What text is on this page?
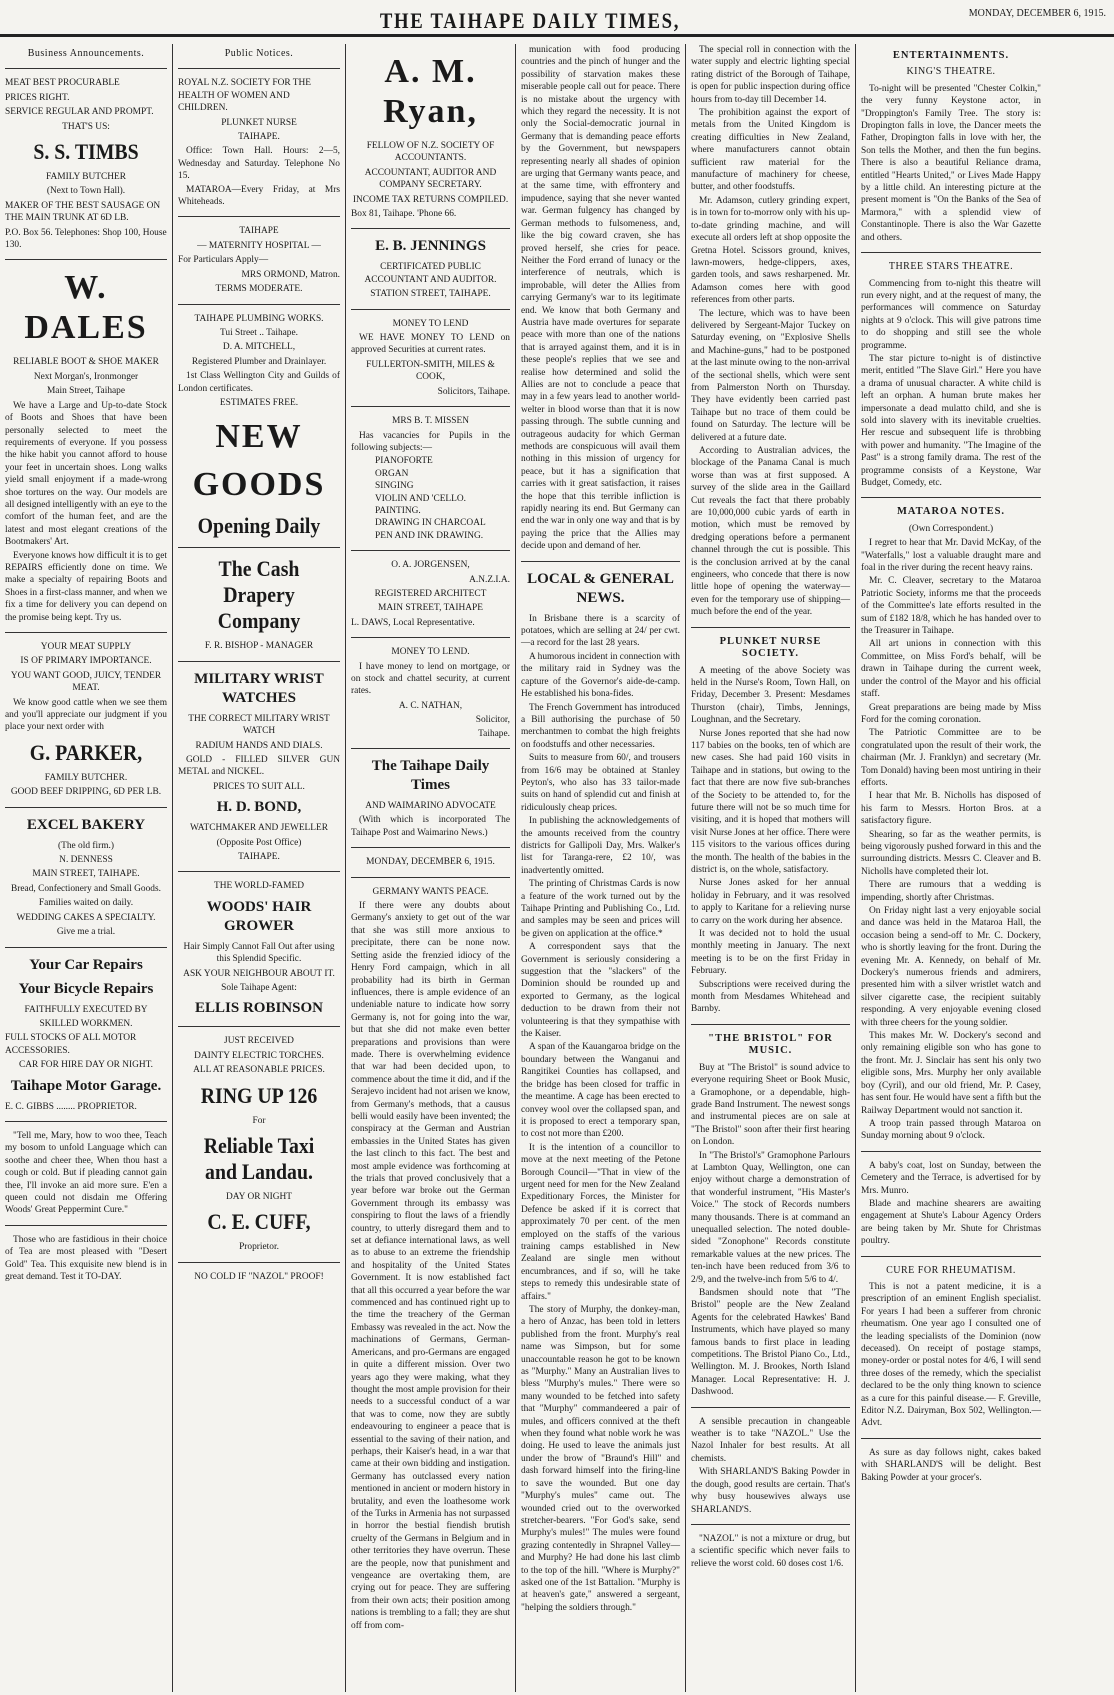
THE TAIHAPE DAILY TIMES,	MONDAY, DECEMBER 6, 1915.
Business Announcements.
MEAT BEST PROCURABLE
PRICES RIGHT.
SERVICE REGULAR AND PROMPT.
THAT'S US:
S. S. TIMBS
FAMILY BUTCHER
(Next to Town Hall).
MAKER OF THE BEST SAUSAGE ON THE MAIN TRUNK AT 6D LB.
P.O. Box 56. Telephones: Shop 100, House 130.
W. DALES
RELIABLE BOOT & SHOE MAKER
Next Morgan's, Ironmonger
Main Street, Taihape
We have a Large and Up-to-date Stock of Boots and Shoes that have been personally selected to meet the requirements of everyone. If you possess the hike habit you cannot afford to house your feet in uncertain shoes. Long walks yield small enjoyment if a made-wrong shoe tortures on the way. Our models are all designed intelligently with an eye to the comfort of the human feet, and are the latest and most elegant creations of the Bootmakers' Art.
Everyone knows how difficult it is to get REPAIRS efficiently done on time. We make a specialty of repairing Boots and Shoes in a first-class manner, and when we fix a time for delivery you can depend on the promise being kept. Try us.
YOUR MEAT SUPPLY
IS OF PRIMARY IMPORTANCE.
YOU WANT GOOD, JUICY, TENDER MEAT.
We know good cattle when we see them and you'll appreciate our judgment if you place your next order with
G. PARKER,
FAMILY BUTCHER.
GOOD BEEF DRIPPING, 6D PER LB.
EXCEL BAKERY
(The old firm.)
N. DENNESS
MAIN STREET, TAIHAPE.
Bread, Confectionery and Small Goods.
Families waited on daily.
WEDDING CAKES A SPECIALTY.
Give me a trial.
Your Car Repairs
Your Bicycle Repairs
FAITHFULLY EXECUTED BY
SKILLED WORKMEN.
FULL STOCKS OF ALL MOTOR ACCESSORIES.
CAR FOR HIRE DAY OR NIGHT.
Taihape Motor Garage.
E. C. GIBBS ........ PROPRIETOR.
"Tell me, Mary, how to woo thee, Teach my bosom to unfold Language which can soothe and cheer thee, When thou hast a cough or cold. But if pleading cannot gain thee, I'll invoke an aid more sure. E'en a queen could not disdain me Offering Woods' Great Peppermint Cure."
Those who are fastidious in their choice of Tea are most pleased with "Desert Gold" Tea. This exquisite new blend is in great demand. Test it TO-DAY.
Public Notices.
ROYAL N.Z. SOCIETY FOR THE HEALTH OF WOMEN AND CHILDREN.
PLUNKET NURSE
TAIHAPE.
Office: Town Hall. Hours: 2—5, Wednesday and Saturday. Telephone No 15.
MATAROA—Every Friday, at Mrs Whiteheads.
TAIHAPE
— MATERNITY HOSPITAL —
For Particulars Apply—
MRS ORMOND, Matron.
TERMS MODERATE.
TAIHAPE PLUMBING WORKS.
Tui Street .. Taihape.
D. A. MITCHELL,
Registered Plumber and Drainlayer.
1st Class Wellington City and Guilds of London certificates.
ESTIMATES FREE.
NEW
GOODS
Opening Daily
The Cash Drapery Company
F. R. BISHOP - MANAGER
MILITARY WRIST WATCHES
THE CORRECT MILITARY WRIST WATCH
RADIUM HANDS AND DIALS.
GOLD - FILLED SILVER GUN METAL and NICKEL.
PRICES TO SUIT ALL.
H. D. BOND,
WATCHMAKER AND JEWELLER
(Opposite Post Office)
TAIHAPE.
THE WORLD-FAMED
WOODS' HAIR GROWER
Hair Simply Cannot Fall Out after using this Splendid Specific.
ASK YOUR NEIGHBOUR ABOUT IT.
Sole Taihape Agent:
ELLIS ROBINSON
JUST RECEIVED
DAINTY ELECTRIC TORCHES.
ALL AT REASONABLE PRICES.
RING UP 126
For
Reliable Taxi and Landau.
DAY OR NIGHT
C. E. CUFF,
Proprietor.
NO COLD IF "NAZOL" PROOF!
A. M. Ryan,
FELLOW OF N.Z. SOCIETY OF ACCOUNTANTS.
ACCOUNTANT, AUDITOR AND COMPANY SECRETARY.
INCOME TAX RETURNS COMPILED.
Box 81, Taihape. 'Phone 66.
E. B. JENNINGS
CERTIFICATED PUBLIC ACCOUNTANT AND AUDITOR.
STATION STREET, TAIHAPE.
MONEY TO LEND
WE HAVE MONEY TO LEND on approved Securities at current rates.
FULLERTON-SMITH, MILES & COOK,
Solicitors, Taihape.
MRS B. T. MISSEN
Has vacancies for Pupils in the following subjects:—
PIANOFORTE
ORGAN
SINGING
VIOLIN AND 'CELLO.
PAINTING.
DRAWING IN CHARCOAL
PEN AND INK DRAWING.
O. A. JORGENSEN,
A.N.Z.I.A.
REGISTERED ARCHITECT
MAIN STREET, TAIHAPE
L. DAWS, Local Representative.
MONEY TO LEND.
I have money to lend on mortgage, or on stock and chattel security, at current rates.
A. C. NATHAN,
Solicitor,
Taihape.
The Taihape Daily Times
AND WAIMARINO ADVOCATE
(With which is incorporated The Taihape Post and Waimarino News.)
MONDAY, DECEMBER 6, 1915.
GERMANY WANTS PEACE.
If there were any doubts about Germany's anxiety to get out of the war that she was still more anxious to precipitate, there can be none now. Setting aside the frenzied idiocy of the Henry Ford campaign, which in all probability had its birth in German influences, there is ample evidence of an undeniable nature to indicate how sorry Germany is, not for going into the war, but that she did not make even better preparations and provisions than were made. There is overwhelming evidence that war had been decided upon, to commence about the time it did, and if the Serajevo incident had not arisen we know, from Germany's methods, that a causus belli would easily have been invented; the conspiracy at the German and Austrian embassies in the United States has given the last clinch to this fact. The best and most ample evidence was forthcoming at the trials that proved conclusively that a year before war broke out the German Government through its embassy was conspiring to flout the laws of a friendly country, to utterly disregard them and to set at defiance international laws, as well as to abuse to an extreme the friendship and hospitality of the United States Government. It is now established fact that all this occurred a year before the war commenced and has continued right up to the time the treachery of the German Embassy was revealed in the act. Now the machinations of Germans, German-Americans, and pro-Germans are engaged in quite a different mission. Over two years ago they were making, what they thought the most ample provision for their needs to a successful conduct of a war that was to come, now they are subtly endeavouring to engineer a peace that is essential to the saving of their nation, and perhaps, their Kaiser's head, in a war that came at their own bidding and instigation. Germany has outclassed every nation mentioned in ancient or modern history in brutality, and even the loathesome work of the Turks in Armenia has not surpassed in horror the bestial fiendish brutish cruelty of the Germans in Belgium and in other territories they have overrun. These are the people, now that punishment and vengeance are overtaking them, are crying out for peace. They are suffering from their own acts; their position among nations is trembling to a fall; they are shut off from com-
munication with food producing countries and the pinch of hunger and the possibility of starvation makes these miserable people call out for peace. There is no mistake about the urgency with which they regard the necessity. It is not only the Social-democratic journal in Germany that is demanding peace efforts by the Government, but newspapers representing nearly all shades of opinion are urging that Germany wants peace, and at the same time, with effrontery and impudence, saying that she never wanted war. German fulgency has changed by German methods to fulsomeness, and, like the big coward craven, she has proved herself, she cries for peace. Neither the Ford errand of lunacy or the interference of neutrals, which is improbable, will deter the Allies from carrying Germany's war to its legitimate end. We know that both Germany and Austria have made overtures for separate peace with more than one of the nations that is arrayed against them, and it is in these people's replies that we see and realise how determined and solid the Allies are not to conclude a peace that may in a few years lead to another world-welter in blood worse than that it is now passing through. The subtle cunning and outrageous audacity for which German methods are conspicuous will avail them nothing in this mission of urgency for peace, but it has a signification that carries with it great satisfaction, it raises the hope that this terrible infliction is rapidly nearing its end. But Germany can end the war in only one way and that is by paying the price that the Allies may decide upon and demand of her.
LOCAL & GENERAL NEWS.
In Brisbane there is a scarcity of potatoes, which are selling at 24/ per cwt.—a record for the last 28 years.
A humorous incident in connection with the military raid in Sydney was the capture of the Governor's aide-de-camp. He established his bona-fides.
The French Government has introduced a Bill authorising the purchase of 50 merchantmen to combat the high freights on foodstuffs and other necessaries.
Suits to measure from 60/, and trousers from 16/6 may be obtained at Stanley Peyton's, who also has 33 tailor-made suits on hand of splendid cut and finish at ridiculously cheap prices.
In publishing the acknowledgements of the amounts received from the country districts for Gallipoli Day, Mrs. Walker's list for Taranga-rere, £2 10/, was inadvertently omitted.
The printing of Christmas Cards is now a feature of the work turned out by the Taihape Printing and Publishing Co., Ltd. and samples may be seen and prices will be given on application at the office.*
A correspondent says that the Government is seriously considering a suggestion that the "slackers" of the Dominion should be rounded up and exported to Germany, as the logical deduction to be drawn from their not volunteering is that they sympathise with the Kaiser.
A span of the Kauangaroa bridge on the boundary between the Wanganui and Rangitikei Counties has collapsed, and the bridge has been closed for traffic in the meantime. A cage has been erected to convey wool over the collapsed span, and it is proposed to erect a temporary span, to cost not more than £200.
It is the intention of a councillor to move at the next meeting of the Petone Borough Council—"That in view of the urgent need for men for the New Zealand Expeditionary Forces, the Minister for Defence be asked if it is correct that approximately 70 per cent. of the men employed on the staffs of the various training camps established in New Zealand are single men without encumbrances, and if so, will he take steps to remedy this undesirable state of affairs."
The story of Murphy, the donkey-man, a hero of Anzac, has been told in letters published from the front. Murphy's real name was Simpson, but for some unaccountable reason he got to be known as "Murphy." Many an Australian lives to bless "Murphy's mules." There were so many wounded to be fetched into safety that "Murphy" commandeered a pair of mules, and officers connived at the theft when they found what noble work he was doing. He used to leave the animals just under the brow of "Braund's Hill" and dash forward himself into the firing-line to save the wounded. But one day "Murphy's mules" came out. The wounded cried out to the overworked stretcher-bearers. "For God's sake, send Murphy's mules!" The mules were found grazing contentedly in Shrapnel Valley—and Murphy? He had done his last climb to the top of the hill. "Where is Murphy?" asked one of the 1st Battalion. "Murphy is at heaven's gate," answered a sergeant, "helping the soldiers through."
The special roll in connection with the water supply and electric lighting special rating district of the Borough of Taihape, is open for public inspection during office hours from to-day till December 14.
The prohibition against the export of metals from the United Kingdom is creating difficulties in New Zealand, where manufacturers cannot obtain sufficient raw material for the manufacture of machinery for cheese, butter, and other foodstuffs.
Mr. Adamson, cutlery grinding expert, is in town for to-morrow only with his up-to-date grinding machine, and will execute all orders left at shop opposite the Gretna Hotel. Scissors ground, knives, lawn-mowers, hedge-clippers, axes, garden tools, and saws resharpened. Mr. Adamson comes here with good references from other parts.
The lecture, which was to have been delivered by Sergeant-Major Tuckey on Saturday evening, on "Explosive Shells and Machine-guns," had to be postponed at the last minute owing to the non-arrival of the sectional shells, which were sent from Palmerston North on Thursday. They have evidently been carried past Taihape but no trace of them could be found on Saturday. The lecture will be delivered at a future date.
According to Australian advices, the blockage of the Panama Canal is much worse than was at first supposed. A survey of the slide area in the Gaillard Cut reveals the fact that there probably are 10,000,000 cubic yards of earth in motion, which must be removed by dredging operations before a permanent channel through the cut is possible. This is the conclusion arrived at by the canal engineers, who concede that there is now little hope of opening the waterway—even for the temporary use of shipping—much before the end of the year.
PLUNKET NURSE SOCIETY.
A meeting of the above Society was held in the Nurse's Room, Town Hall, on Friday, December 3. Present: Mesdames Thurston (chair), Timbs, Jennings, Loughnan, and the Secretary.
Nurse Jones reported that she had now 117 babies on the books, ten of which are new cases. She had paid 160 visits in Taihape and in stations, but owing to the fact that there are now five sub-branches of the Society to be attended to, for the future there will not be so much time for visiting, and it is hoped that mothers will visit Nurse Jones at her office. There were 115 visitors to the various offices during the month. The health of the babies in the district is, on the whole, satisfactory.
Nurse Jones asked for her annual holiday in February, and it was resolved to apply to Karitane for a relieving nurse to carry on the work during her absence.
It was decided not to hold the usual monthly meeting in January. The next meeting is to be on the first Friday in February.
Subscriptions were received during the month from Mesdames Whitehead and Barnby.
"THE BRISTOL" FOR MUSIC.
Buy at "The Bristol" is sound advice to everyone requiring Sheet or Book Music, a Gramophone, or a dependable, high-grade Band Instrument. The newest songs and instrumental pieces are on sale at "The Bristol" soon after their first hearing on London.
In "The Bristol's" Gramophone Parlours at Lambton Quay, Wellington, one can enjoy without charge a demonstration of that wonderful instrument, "His Master's Voice." The stock of Records numbers many thousands. There is at command an unequalled selection. The noted double-sided "Zonophone" Records constitute remarkable values at the new prices. The ten-inch have been reduced from 3/6 to 2/9, and the twelve-inch from 5/6 to 4/.
Bandsmen should note that "The Bristol" people are the New Zealand Agents for the celebrated Hawkes' Band Instruments, which have played so many famous bands to first place in leading competitions. The Bristol Piano Co., Ltd., Wellington. M. J. Brookes, North Island Manager. Local Representative: H. J. Dashwood.
A sensible precaution in changeable weather is to take "NAZOL." Use the Nazol Inhaler for best results. At all chemists.
With SHARLAND'S Baking Powder in the dough, good results are certain. That's why busy housewives always use SHARLAND'S.
"NAZOL" is not a mixture or drug, but a scientific specific which never fails to relieve the worst cold. 60 doses cost 1/6.
ENTERTAINMENTS.
KING'S THEATRE.
To-night will be presented "Chester Colkin," the very funny Keystone actor, in "Droppington's Family Tree. The story is: Dropington falls in love, the Dancer meets the Father, Dropington falls in love with her, the Son tells the Mother, and then the fun begins. There is also a beautiful Reliance drama, entitled "Hearts United," or Lives Made Happy by a little child. An interesting picture at the present moment is "On the Banks of the Sea of Marmora," with a splendid view of Constantinople. There is also the War Gazette and others.
THREE STARS THEATRE.
Commencing from to-night this theatre will run every night, and at the request of many, the performances will commence on Saturday nights at 9 o'clock. This will give patrons time to do shopping and still see the whole programme.
The star picture to-night is of distinctive merit, entitled "The Slave Girl." Here you have a drama of unusual character. A white child is left an orphan. A human brute makes her impersonate a dead mulatto child, and she is sold into slavery with its inevitable cruelties. Her rescue and subsequent life is throbbing with power and humanity. "The Imagine of the Past" is a strong family drama. The rest of the programme consists of a Keystone, War Budget, Comedy, etc.
MATAROA NOTES.
(Own Correspondent.)
I regret to hear that Mr. David McKay, of the "Waterfalls," lost a valuable draught mare and foal in the river during the recent heavy rains.
Mr. C. Cleaver, secretary to the Mataroa Patriotic Society, informs me that the proceeds of the Committee's late efforts resulted in the sum of £182 18/8, which he has handed over to the Treasurer in Taihape.
All art unions in connection with this Committee, on Miss Ford's behalf, will be drawn in Taihape during the current week, under the control of the Mayor and his official staff.
Great preparations are being made by Miss Ford for the coming coronation.
The Patriotic Committee are to be congratulated upon the result of their work, the chairman (Mr. J. Franklyn) and secretary (Mr. Tom Donald) having been most untiring in their efforts.
I hear that Mr. B. Nicholls has disposed of his farm to Messrs. Horton Bros. at a satisfactory figure.
Shearing, so far as the weather permits, is being vigorously pushed forward in this and the surrounding districts. Messrs C. Cleaver and B. Nicholls have completed their lot.
There are rumours that a wedding is impending, shortly after Christmas.
On Friday night last a very enjoyable social and dance was held in the Mataroa Hall, the occasion being a send-off to Mr. C. Dockery, who is shortly leaving for the front. During the evening Mr. A. Kennedy, on behalf of Mr. Dockery's numerous friends and admirers, presented him with a silver wristlet watch and silver cigarette case, the recipient suitably responding. A very enjoyable evening closed with three cheers for the young soldier.
This makes Mr. W. Dockery's second and only remaining eligible son who has gone to the front. Mr. J. Sinclair has sent his only two eligible sons, Mrs. Murphy her only available boy (Cyril), and our old friend, Mr. P. Casey, has sent four. He would have sent a fifth but the Railway Department would not sanction it.
A troop train passed through Mataroa on Sunday morning about 9 o'clock.
A baby's coat, lost on Sunday, between the Cemetery and the Terrace, is advertised for by Mrs. Munro.
Blade and machine shearers are awaiting engagement at Shute's Labour Agency Orders are being taken by Mr. Shute for Christmas poultry.
CURE FOR RHEUMATISM.
This is not a patent medicine, it is a prescription of an eminent English specialist. For years I had been a sufferer from chronic rheumatism. One year ago I consulted one of the leading specialists of the Dominion (now deceased). On receipt of postage stamps, money-order or postal notes for 4/6, I will send three doses of the remedy, which the specialist declared to be the only thing known to science as a cure for this painful disease.— F. Greville, Editor N.Z. Dairyman, Box 502, Wellington.—Advt.
As sure as day follows night, cakes baked with SHARLAND'S will be delight. Best Baking Powder at your grocer's.
